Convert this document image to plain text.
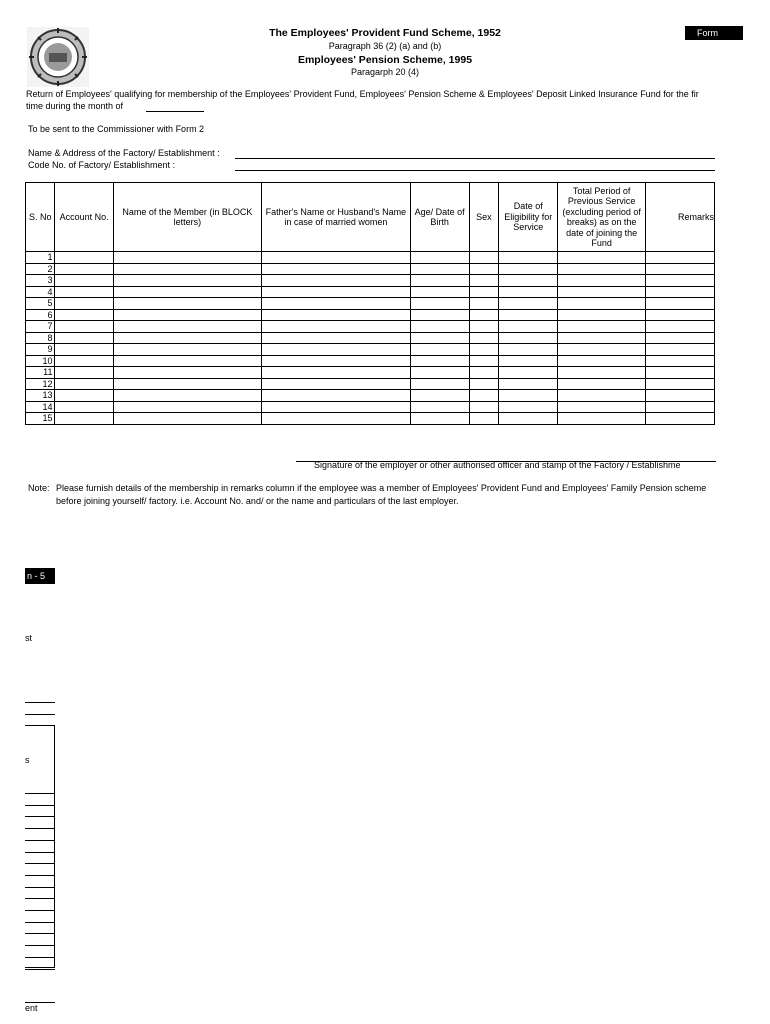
The Employees' Provident Fund Scheme, 1952
Paragraph 36 (2) (a) and (b)
Employees' Pension Scheme, 1995
Paragarph 20 (4)
Form
Return of Employees' qualifying for membership of the Employees' Provident Fund, Employees' Pension Scheme & Employees' Deposit Linked Insurance Fund for the fir
time during the month of
To be sent to the Commissioner with Form 2
Name & Address of the Factory/ Establishment :
Code No. of Factory/ Establishment :
S. No	Account No.	Name of the Member (in BLOCK letters)	Father's Name or Husband's Name in case of married women	Age/ Date of Birth	Sex	Date of Eligibility for Service	Total Period of Previous Service (excluding period of breaks) as on the date of joining the Fund	Remarks
1								
2								
3								
4								
5								
6								
7								
8								
9								
10								
11								
12								
13								
14								
15								
Signature of the employer or other authorised officer and stamp of the Factory / Establishme
Note: Please furnish details of the membership in remarks column if the employee was a member of Employees' Provident Fund and Employees' Family Pension scheme
before joining yourself/ factory. i.e. Account No. and/ or the name and particulars of the last employer.
n - 5
st
s
ent
